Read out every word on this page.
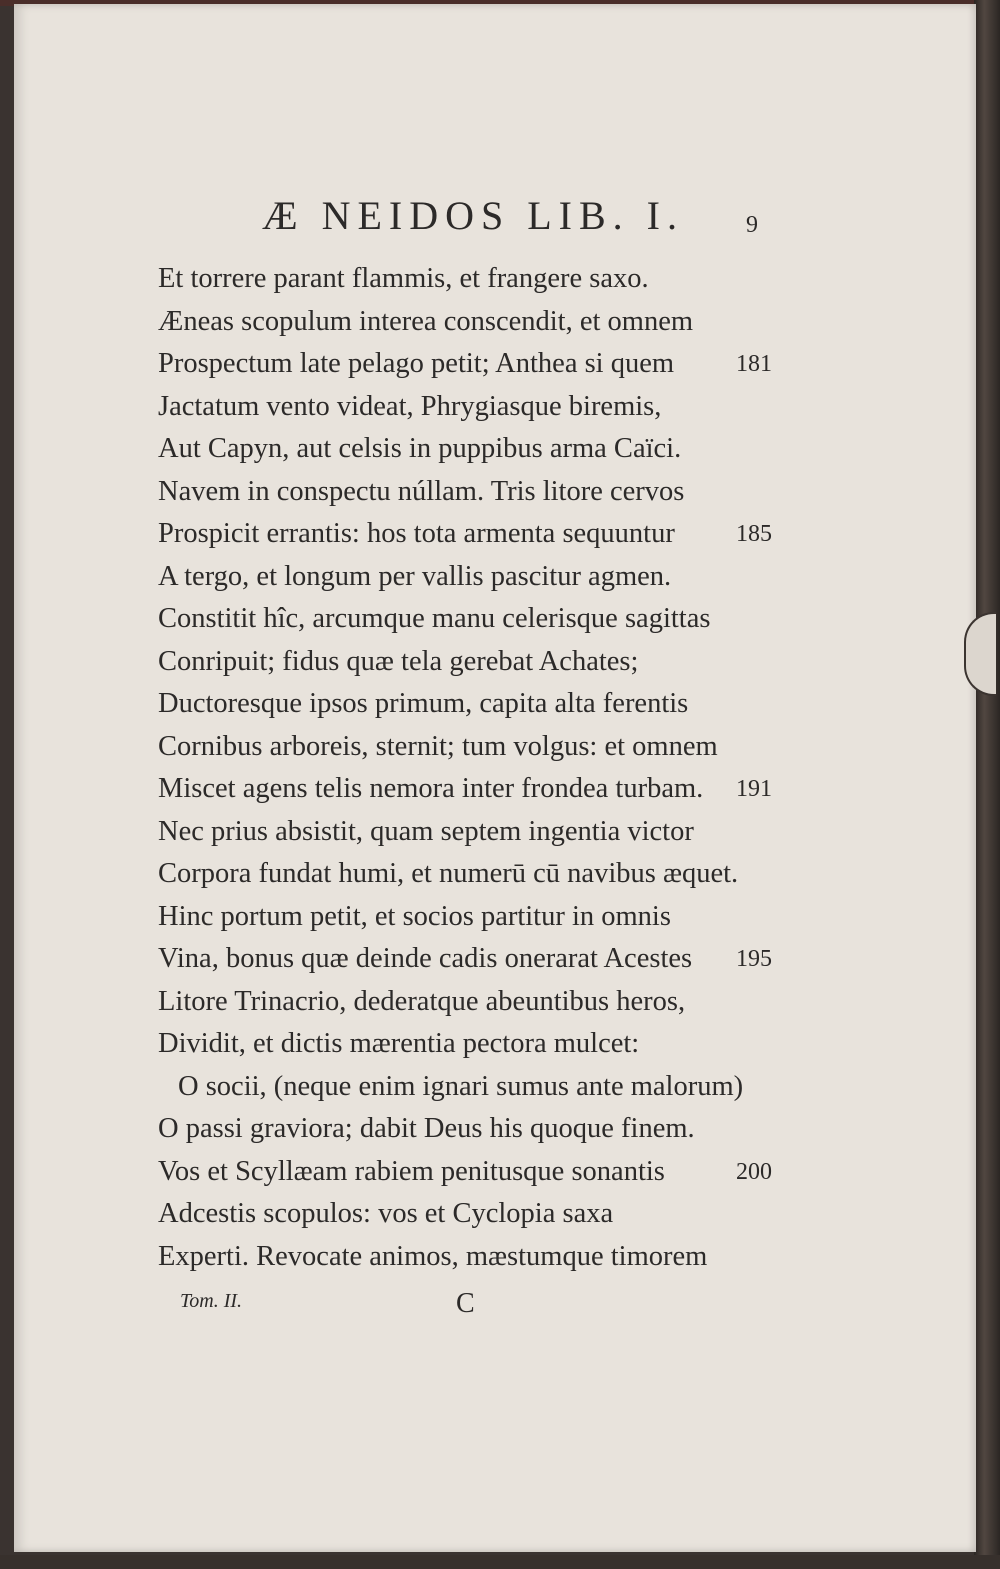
Æ NEIDOS LIB. I.	9
Et torrere parant flammis, et frangere saxo.
Æneas scopulum interea conscendit, et omnem
Prospectum late pelago petit; Anthea si quem	181
Jactatum vento videat, Phrygiasque biremis,
Aut Capyn, aut celsis in puppibus arma Caïci.
Navem in conspectu núllam. Tris litore cervos
Prospicit errantis: hos tota armenta sequuntur	185
A tergo, et longum per vallis pascitur agmen.
Constitit hîc, arcumque manu celerisque sagittas
Conripuit; fidus quæ tela gerebat Achates;
Ductoresque ipsos primum, capita alta ferentis
Cornibus arboreis, sternit; tum volgus: et omnem
Miscet agens telis nemora inter frondea turbam. 191
Nec prius absistit, quam septem ingentia victor
Corpora fundat humi, et numerū cū navibus æquet.
Hinc portum petit, et socios partitur in omnis
Vina, bonus quæ deinde cadis onerarat Acestes 195
Litore Trinacrio, dederatque abeuntibus heros,
Dividit, et dictis mærentia pectora mulcet:
O socii, (neque enim ignari sumus ante malorum)
O passi graviora; dabit Deus his quoque finem.
Vos et Scyllæam rabiem penitusque sonantis	200
Adcestis scopulos: vos et Cyclopia saxa
Experti. Revocate animos, mæstumque timorem
Tom. II.	C
